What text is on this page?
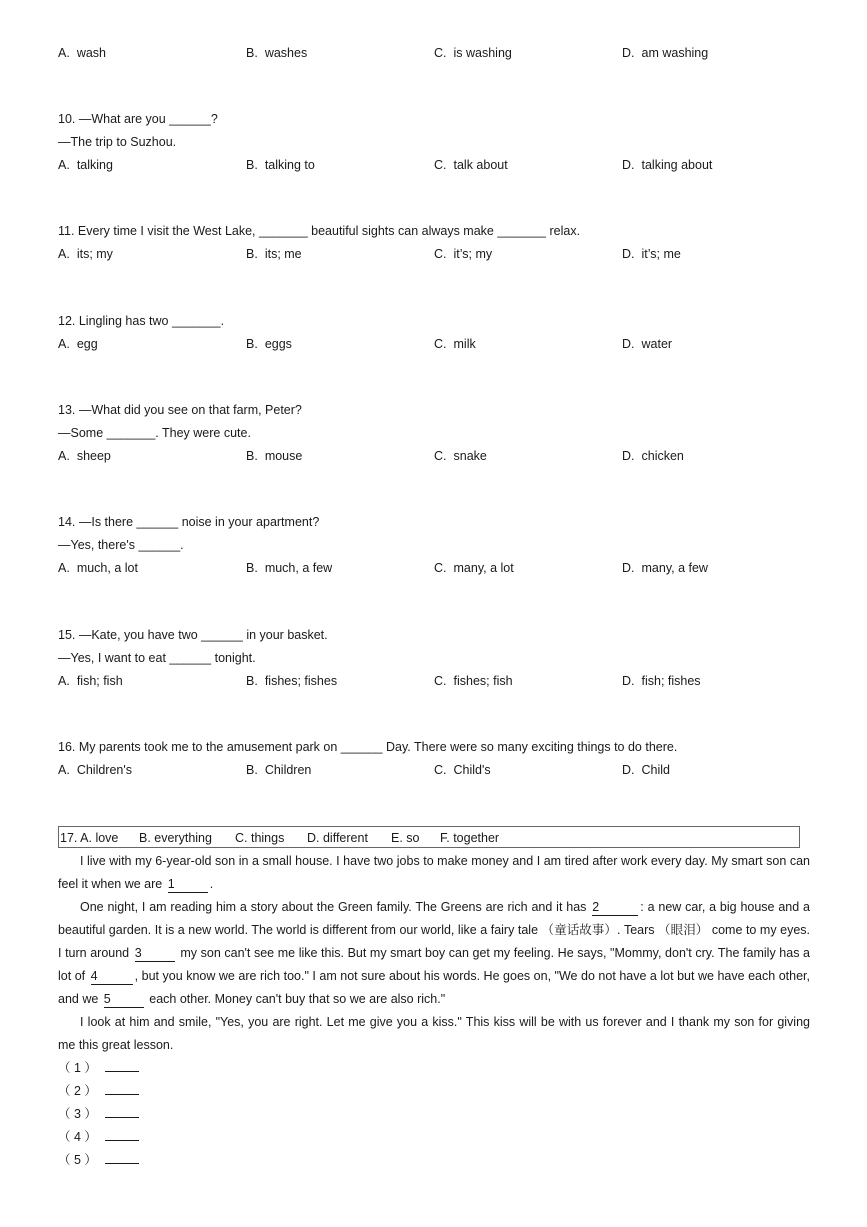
A. wash	B. washes	C. is washing	D. am washing
10. —What are you ______?
—The trip to Suzhou.
A. talking	B. talking to	C. talk about	D. talking about
11. Every time I visit the West Lake, _______ beautiful sights can always make _______ relax.
A. its; my	B. its; me	C. it’s; my	D. it’s; me
12. Lingling has two _______.
A. egg	B. eggs	C. milk	D. water
13. —What did you see on that farm, Peter?
—Some _______. They were cute.
A. sheep	B. mouse	C. snake	D. chicken
14. —Is there ______ noise in your apartment?
—Yes, there's ______.
A. much, a lot	B. much, a few	C. many, a lot	D. many, a few
15. —Kate, you have two ______ in your basket.
—Yes, I want to eat ______ tonight.
A. fish; fish	B. fishes; fishes	C. fishes; fish	D. fish; fishes
16. My parents took me to the amusement park on ______ Day. There were so many exciting things to do there.
A. Children's	B. Children	C. Child's	D. Child
17. A. love B. everything C. things D. different E. so F. together
I live with my 6-year-old son in a small house. I have two jobs to make money and I am tired after work every day. My smart son can feel it when we are 1	.
One night, I am reading him a story about the Green family. The Greens are rich and it has 2	: a new car, a big house and a beautiful garden. It is a new world. The world is different from our world, like a fairy tale （童话故事）. Tears （眼泪） come to my eyes. I turn around 3	my son can't see me like this. But my smart boy can get my feeling. He says, "Mommy, don't cry. The family has a lot of 4	, but you know we are rich too." I am not sure about his words. He goes on, "We do not have a lot but we have each other, and we 5	each other. Money can't buy that so we are also rich."
I look at him and smile, "Yes, you are right. Let me give you a kiss." This kiss will be with us forever and I thank my son for giving me this great lesson.
（ 1 ）
（ 2 ）
（ 3 ）
（ 4 ）
（ 5 ）
